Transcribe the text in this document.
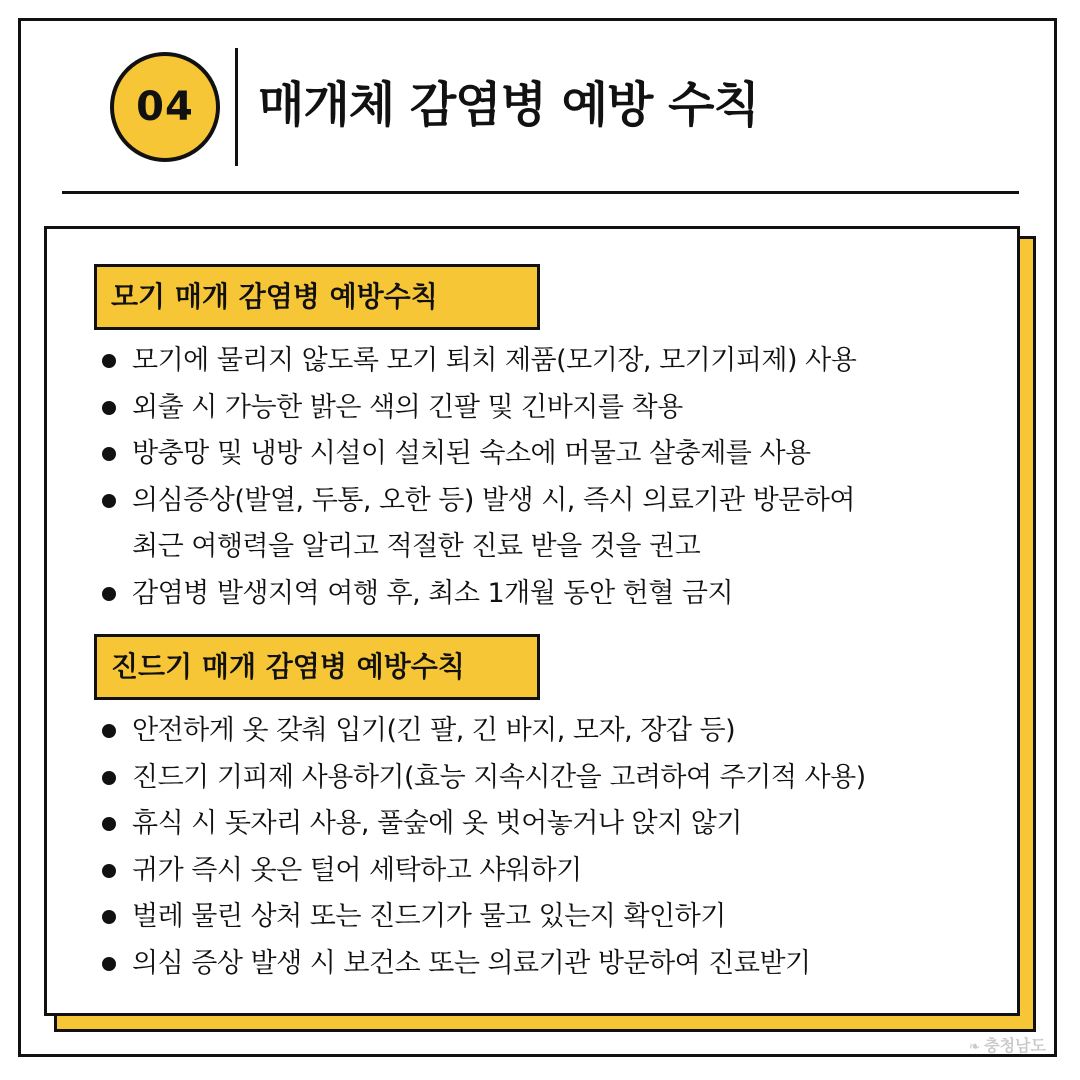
04 매개체 감염병 예방 수칙
모기 매개 감염병 예방수칙
모기에 물리지 않도록 모기 퇴치 제품(모기장, 모기기피제) 사용
외출 시 가능한 밝은 색의 긴팔 및 긴바지를 착용
방충망 및 냉방 시설이 설치된 숙소에 머물고 살충제를 사용
의심증상(발열, 두통, 오한 등) 발생 시, 즉시 의료기관 방문하여
최근 여행력을 알리고 적절한 진료 받을 것을 권고
감염병 발생지역 여행 후, 최소 1개월 동안 헌혈 금지
진드기 매개 감염병 예방수칙
안전하게 옷 갖춰 입기(긴 팔, 긴 바지, 모자, 장갑 등)
진드기 기피제 사용하기(효능 지속시간을 고려하여 주기적 사용)
휴식 시 돗자리 사용, 풀숲에 옷 벗어놓거나 앉지 않기
귀가 즉시 옷은 털어 세탁하고 샤워하기
벌레 물린 상처 또는 진드기가 물고 있는지 확인하기
의심 증상 발생 시 보건소 또는 의료기관 방문하여 진료받기
❧ 충청남도
